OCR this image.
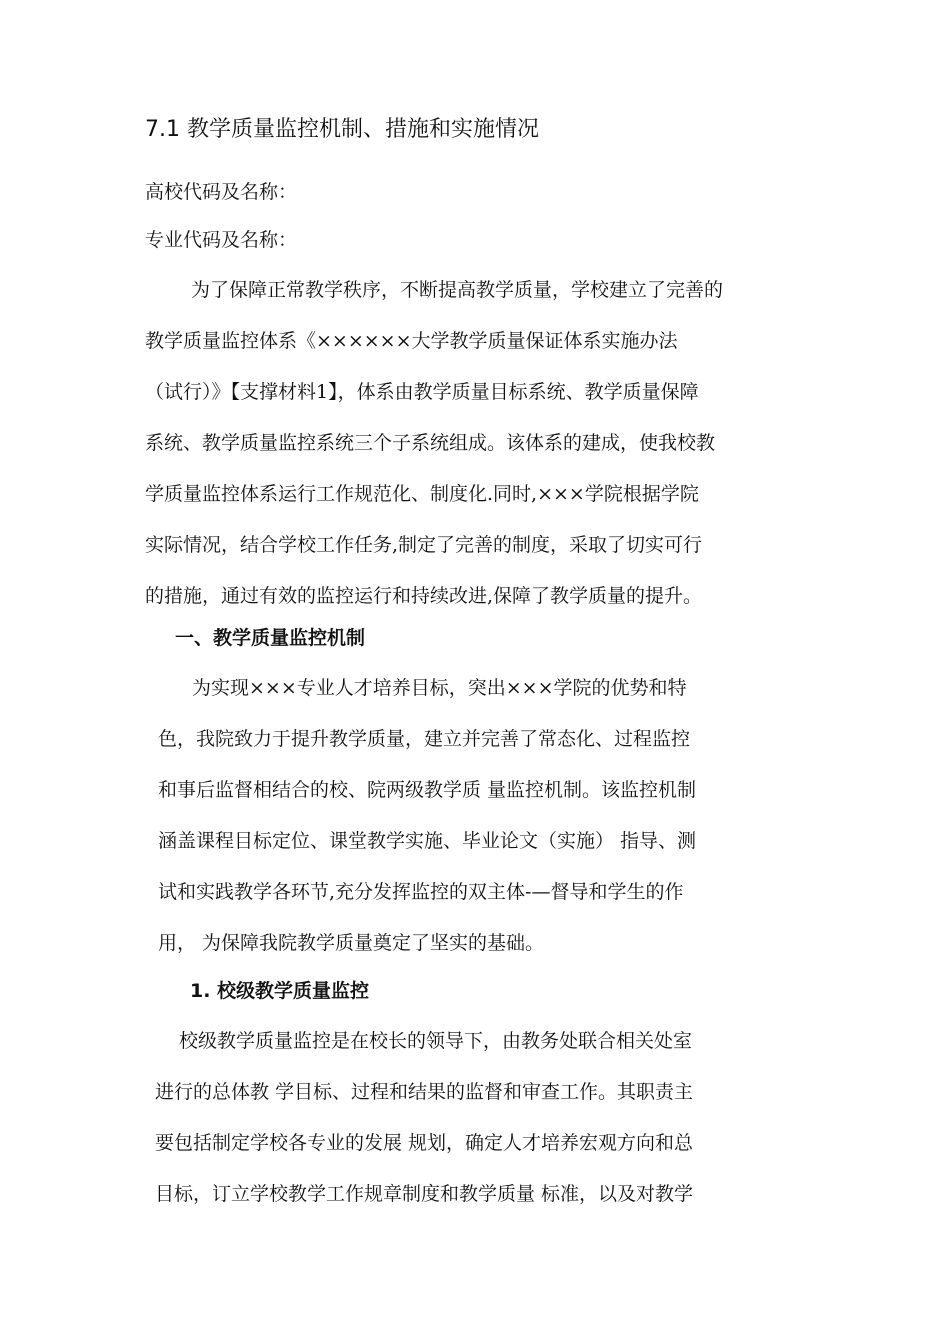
7.1 教学质量监控机制、措施和实施情况
高校代码及名称：
专业代码及名称：
为了保障正常教学秩序，不断提高教学质量，学校建立了完善的
教学质量监控体系《××××××大学教学质量保证体系实施办法
（试行）》【支撑材料1】，体系由教学质量目标系统、教学质量保障
系统、教学质量监控系统三个子系统组成。该体系的建成，使我校教
学质量监控体系运行工作规范化、制度化.同时,×××学院根据学院
实际情况，结合学校工作任务,制定了完善的制度，采取了切实可行
的措施，通过有效的监控运行和持续改进,保障了教学质量的提升。
一、教学质量监控机制
为实现×××专业人才培养目标，突出×××学院的优势和特
色，我院致力于提升教学质量，建立并完善了常态化、过程监控
和事后监督相结合的校、院两级教学质 量监控机制。该监控机制
涵盖课程目标定位、课堂教学实施、毕业论文（实施） 指导、测
试和实践教学各环节,充分发挥监控的双主体-—督导和学生的作
用， 为保障我院教学质量奠定了坚实的基础。
1. 校级教学质量监控
校级教学质量监控是在校长的领导下，由教务处联合相关处室
进行的总体教 学目标、过程和结果的监督和审查工作。其职责主
要包括制定学校各专业的发展 规划，确定人才培养宏观方向和总
目标，订立学校教学工作规章制度和教学质量 标准，以及对教学
